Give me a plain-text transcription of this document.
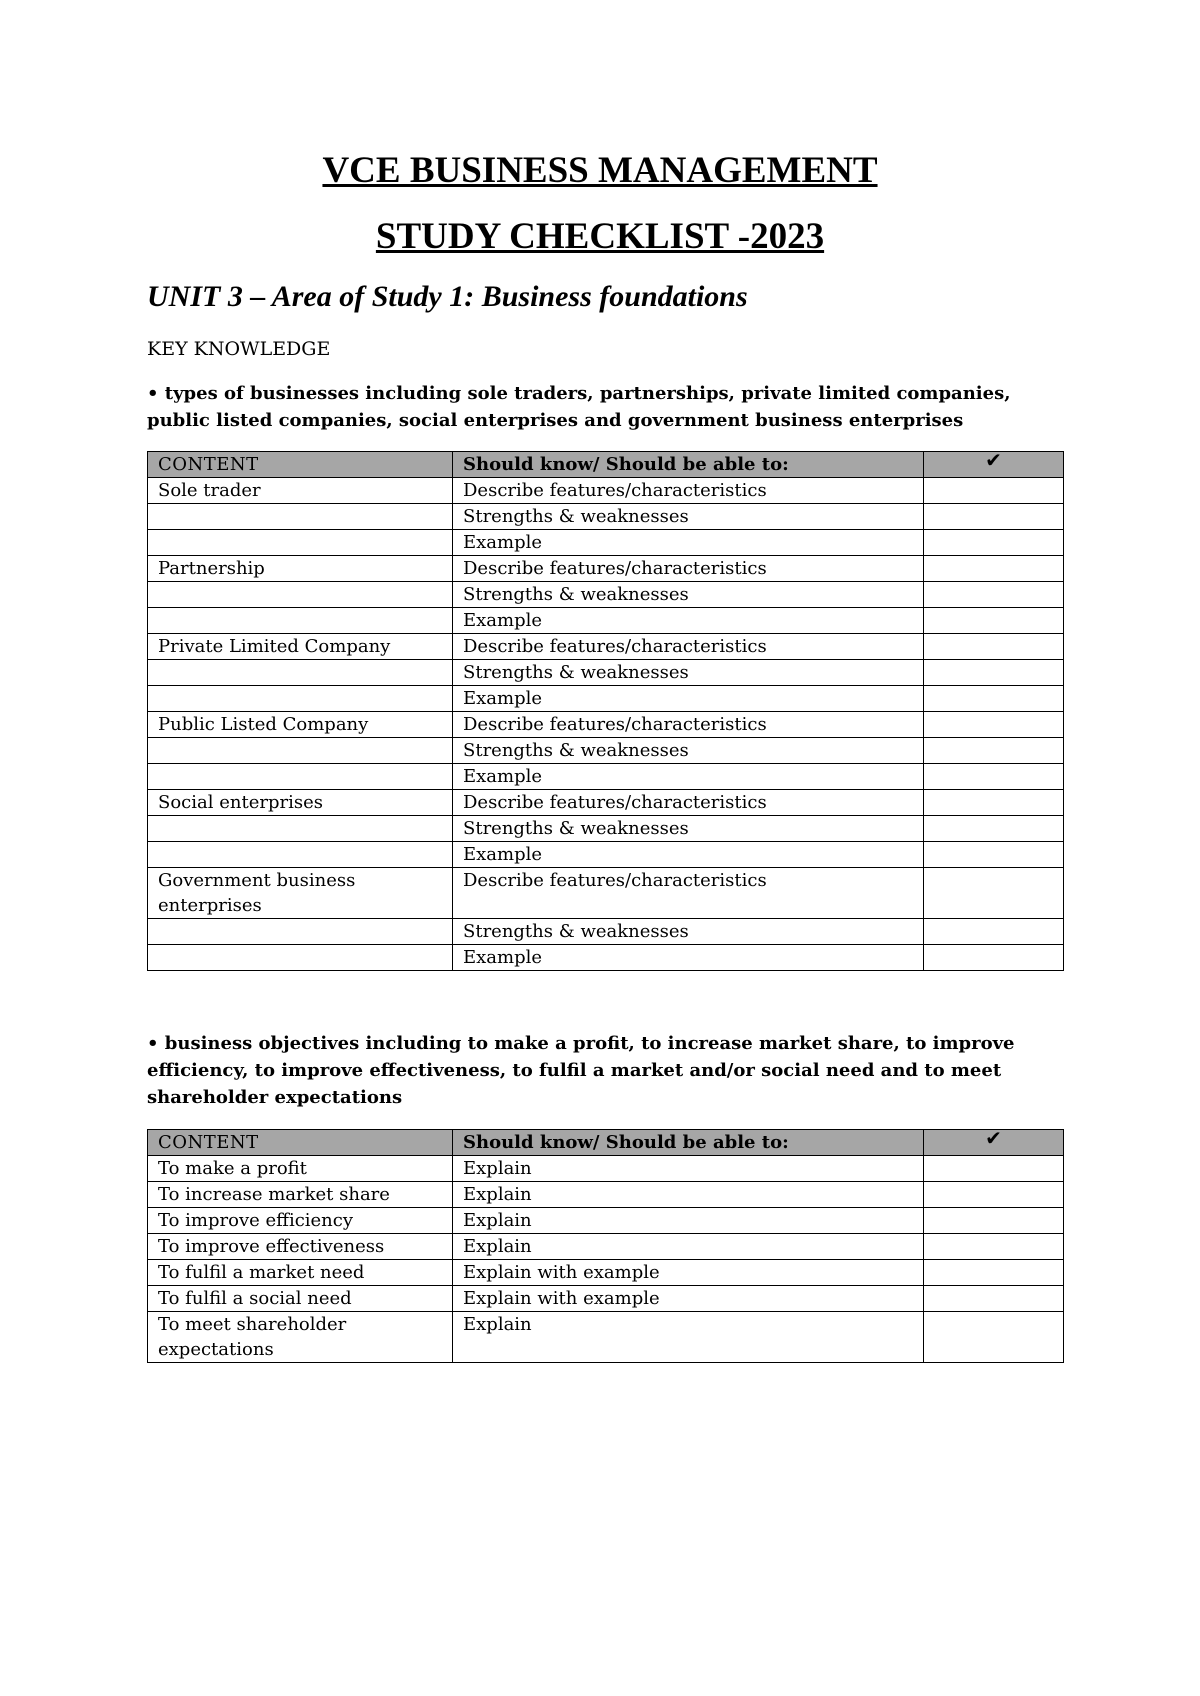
VCE BUSINESS MANAGEMENT
STUDY CHECKLIST -2023
UNIT 3 – Area of Study 1: Business foundations
KEY KNOWLEDGE

• types of businesses including sole traders, partnerships, private limited companies, public listed companies, social enterprises and government business enterprises

CONTENT	Should know/ Should be able to:	✔
Sole trader	Describe features/characteristics	
	Strengths & weaknesses	
	Example	
Partnership	Describe features/characteristics	
	Strengths & weaknesses	
	Example	
Private Limited Company	Describe features/characteristics	
	Strengths & weaknesses	
	Example	
Public Listed Company	Describe features/characteristics	
	Strengths & weaknesses	
	Example	
Social enterprises	Describe features/characteristics	
	Strengths & weaknesses	
	Example	
Government business enterprises	Describe features/characteristics	
	Strengths & weaknesses	
	Example	

• business objectives including to make a profit, to increase market share, to improve efficiency, to improve effectiveness, to fulfil a market and/or social need and to meet shareholder expectations

CONTENT	Should know/ Should be able to:	✔
To make a profit	Explain	
To increase market share	Explain	
To improve efficiency	Explain	
To improve effectiveness	Explain	
To fulfil a market need	Explain with example	
To fulfil a social need	Explain with example	
To meet shareholder expectations	Explain	
